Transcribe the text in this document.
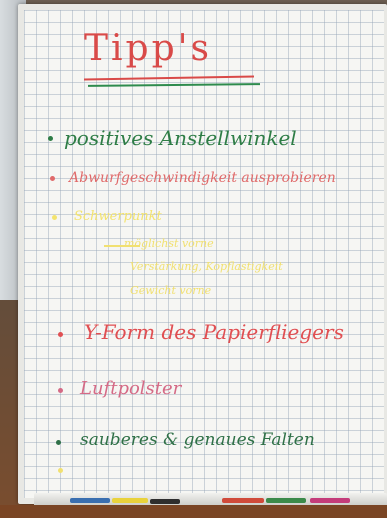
Tipp's
positives Anstellwinkel
Abwurfgeschwindigkeit ausprobieren
Schwerpunkt
möglichst vorne
Verstärkung, Kopflastigkeit
Gewicht vorne
Y-Form des Papierfliegers
Luftpolster
sauberes & genaues Falten
